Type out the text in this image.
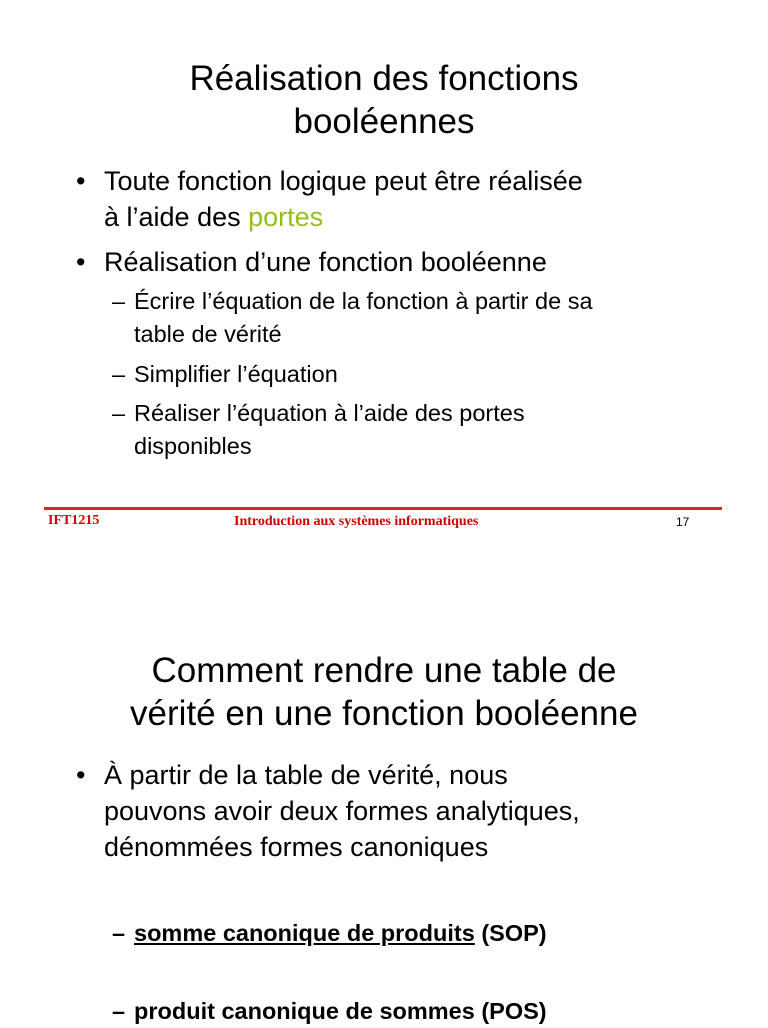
Réalisation des fonctions
booléennes
• Toute fonction logique peut être réalisée
à l’aide des portes
• Réalisation d’une fonction booléenne
– Écrire l’équation de la fonction à partir de sa
table de vérité
– Simplifier l’équation
– Réaliser l’équation à l’aide des portes
disponibles
IFT1215	Introduction aux systèmes informatiques	17
Comment rendre une table de
vérité en une fonction booléenne
• À partir de la table de vérité, nous
pouvons avoir deux formes analytiques,
dénommées formes canoniques
– somme canonique de produits (SOP)
– produit canonique de sommes (POS)
